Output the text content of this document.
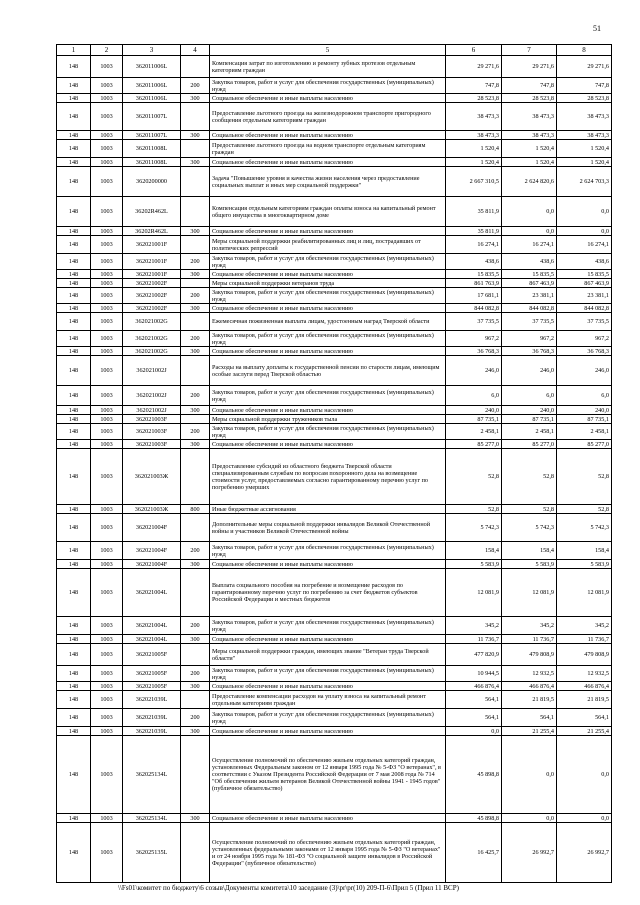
51
1	2	3	4	5	6	7	8
148	1003	362011006L		Компенсация затрат по изготовлению и ремонту зубных протезов отдельным категориям граждан	29 271,6	29 271,6	29 271,6
148	1003	362011006L	200	Закупка товаров, работ и услуг для обеспечения государственных (муниципальных) нужд	747,8	747,8	747,8
148	1003	362011006L	300	Социальное обеспечение и иные выплаты населению	28 523,8	28 523,8	28 523,8
148	1003	362011007L		Предоставление льготного проезда на железнодорожном транспорте пригородного сообщения отдельным категориям граждан	38 473,3	38 473,3	38 473,3
148	1003	362011007L	300	Социальное обеспечение и иные выплаты населению	38 473,3	38 473,3	38 473,3
148	1003	362011008L		Предоставление льготного проезда на водном транспорте отдельным категориям граждан	1 520,4	1 520,4	1 520,4
148	1003	362011008L	300	Социальное обеспечение и иные выплаты населению	1 520,4	1 520,4	1 520,4
148	1003	3620200000		Задача "Повышение уровня и качества жизни населения через предоставление социальных выплат и иных мер социальной поддержки"	2 667 310,5	2 624 820,6	2 624 703,3
148	1003	36202R462L		Компенсация отдельным категориям граждан оплаты взноса на капитальный ремонт общего имущества в многоквартирном доме	35 811,9	0,0	0,0
148	1003	36202R462L	300	Социальное обеспечение и иные выплаты населению	35 811,9	0,0	0,0
148	1003	362021001F		Меры социальной поддержки реабилитированных лиц и лиц, пострадавших от политических репрессий	16 274,1	16 274,1	16 274,1
148	1003	362021001F	200	Закупка товаров, работ и услуг для обеспечения государственных (муниципальных) нужд	438,6	438,6	438,6
148	1003	362021001F	300	Социальное обеспечение и иные выплаты населению	15 835,5	15 835,5	15 835,5
148	1003	362021002F		Меры социальной поддержки ветеранов труда	861 763,9	867 463,9	867 463,9
148	1003	362021002F	200	Закупка товаров, работ и услуг для обеспечения государственных (муниципальных) нужд	17 681,1	23 381,1	23 381,1
148	1003	362021002F	300	Социальное обеспечение и иные выплаты населению	844 082,8	844 082,8	844 082,8
148	1003	362021002G		Ежемесячная пожизненная выплата лицам, удостоенным наград Тверской области	37 735,5	37 735,5	37 735,5
148	1003	362021002G	200	Закупка товаров, работ и услуг для обеспечения государственных (муниципальных) нужд	967,2	967,2	967,2
148	1003	362021002G	300	Социальное обеспечение и иные выплаты населению	36 768,3	36 768,3	36 768,3
148	1003	362021002J		Расходы на выплату доплаты к государственной пенсии по старости лицам, имеющим особые заслуги перед Тверской областью	246,0	246,0	246,0
148	1003	362021002J	200	Закупка товаров, работ и услуг для обеспечения государственных (муниципальных) нужд	6,0	6,0	6,0
148	1003	362021002J	300	Социальное обеспечение и иные выплаты населению	240,0	240,0	240,0
148	1003	362021003F		Меры социальной поддержки тружеников тыла	87 735,1	87 735,1	87 735,1
148	1003	362021003F	200	Закупка товаров, работ и услуг для обеспечения государственных (муниципальных) нужд	2 458,1	2 458,1	2 458,1
148	1003	362021003F	300	Социальное обеспечение и иные выплаты населению	85 277,0	85 277,0	85 277,0
148	1003	362021003Ж		Предоставление субсидий из областного бюджета Тверской области специализированным службам по вопросам похоронного дела на возмещение стоимости услуг, предоставляемых согласно гарантированному перечню услуг по погребению умерших	52,8	52,8	52,8
148	1003	362021003Ж	800	Иные бюджетные ассигнования	52,8	52,8	52,8
148	1003	362021004F		Дополнительные меры социальной поддержки инвалидов Великой Отечественной войны и участников Великой Отечественной войны	5 742,3	5 742,3	5 742,3
148	1003	362021004F	200	Закупка товаров, работ и услуг для обеспечения государственных (муниципальных) нужд	158,4	158,4	158,4
148	1003	362021004F	300	Социальное обеспечение и иные выплаты населению	5 583,9	5 583,9	5 583,9
148	1003	362021004L		Выплата социального пособия на погребение и возмещение расходов по гарантированному перечню услуг по погребению за счет бюджетов субъектов Российской Федерации и местных бюджетов	12 081,9	12 081,9	12 081,9
148	1003	362021004L	200	Закупка товаров, работ и услуг для обеспечения государственных (муниципальных) нужд	345,2	345,2	345,2
148	1003	362021004L	300	Социальное обеспечение и иные выплаты населению	11 736,7	11 736,7	11 736,7
148	1003	362021005F		Меры социальной поддержки граждан, имеющих звание "Ветеран труда Тверской области"	477 820,9	479 808,9	479 808,9
148	1003	362021005F	200	Закупка товаров, работ и услуг для обеспечения государственных (муниципальных) нужд	10 944,5	12 932,5	12 932,5
148	1003	362021005F	300	Социальное обеспечение и иные выплаты населению	466 876,4	466 876,4	466 876,4
148	1003	362021039L		Предоставление компенсации расходов на уплату взноса на капитальный ремонт отдельным категориям граждан	564,1	21 819,5	21 819,5
148	1003	362021039L	200	Закупка товаров, работ и услуг для обеспечения государственных (муниципальных) нужд	564,1	564,1	564,1
148	1003	362021039L	300	Социальное обеспечение и иные выплаты населению	0,0	21 255,4	21 255,4
148	1003	362025134L		Осуществление полномочий по обеспечению жильем отдельных категорий граждан, установленных Федеральным законом от 12 января 1995 года № 5-ФЗ "О ветеранах", в соответствии с Указом Президента Российской Федерации от 7 мая 2008 года № 714 "Об обеспечении жильем ветеранов Великой Отечественной войны 1941 - 1945 годов" (публичное обязательство)	45 898,8	0,0	0,0
148	1003	362025134L	300	Социальное обеспечение и иные выплаты населению	45 898,8	0,0	0,0
148	1003	362025135L		Осуществление полномочий по обеспечению жильем отдельных категорий граждан, установленных федеральными законами от 12 января 1995 года № 5-ФЗ "О ветеранах" и от 24 ноября 1995 года № 181-ФЗ "О социальной защите инвалидов в Российской Федерации" (публичное обязательство)	16 425,7	26 992,7	26 992,7
\\Fs01\комитет по бюджету\6 созыв\Документы комитета\10 заседание (3)\pr\pr(10) 209-П-6\Прил 5 (Прил 11 ВСР)
